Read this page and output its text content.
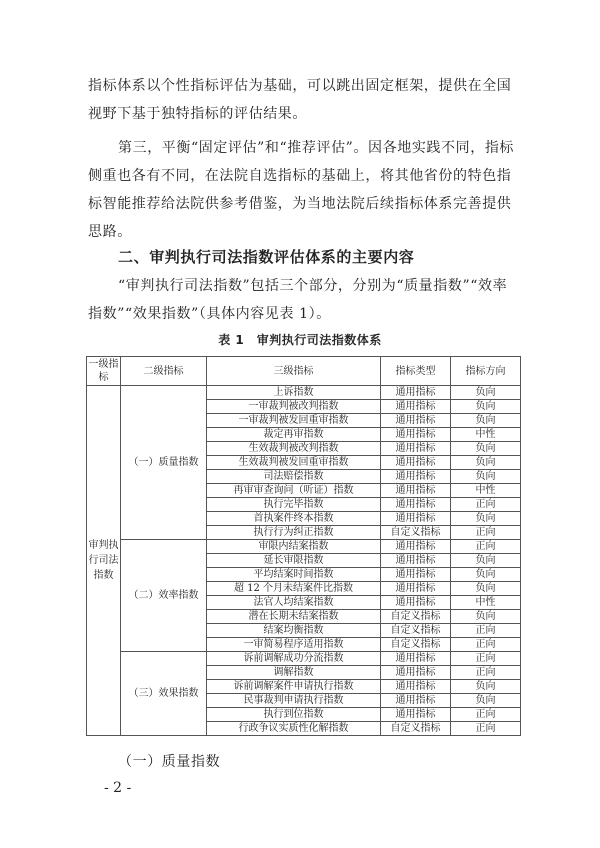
指标体系以个性指标评估为基础，可以跳出固定框架，提供在全国视野下基于独特指标的评估结果。

第三，平衡“固定评估”和“推荐评估”。因各地实践不同，指标侧重也各有不同，在法院自选指标的基础上，将其他省份的特色指标智能推荐给法院供参考借鉴，为当地法院后续指标体系完善提供思路。

二、审判执行司法指数评估体系的主要内容

“审判执行司法指数”包括三个部分，分别为“质量指数”“效率指数”“效果指数”（具体内容见表 1）。

表 1　审判执行司法指数体系
一级指标	二级指标	三级指标	指标类型	指标方向
审判执行司法指数	（一）质量指数	上诉指数	通用指标	负向
		一审裁判被改判指数	通用指标	负向
		一审裁判被发回重审指数	通用指标	负向
		裁定再审指数	通用指标	中性
		生效裁判被改判指数	通用指标	负向
		生效裁判被发回重审指数	通用指标	负向
		司法赔偿指数	通用指标	负向
		再审审查询问（听证）指数	通用指标	中性
		执行完毕指数	通用指标	正向
		首执案件终本指数	通用指标	负向
		执行行为纠正指数	自定义指标	正向
	（二）效率指数	审限内结案指数	通用指标	正向
		延长审限指数	通用指标	负向
		平均结案时间指数	通用指标	负向
		超 12 个月未结案件比指数	通用指标	负向
		法官人均结案指数	通用指标	中性
		潜在长期未结案指数	自定义指标	负向
		结案均衡指数	自定义指标	正向
		一审简易程序适用指数	自定义指标	正向
	（三）效果指数	诉前调解成功分流指数	通用指标	正向
		调解指数	通用指标	正向
		诉前调解案件申请执行指数	通用指标	负向
		民事裁判申请执行指数	通用指标	负向
		执行到位指数	通用指标	正向
		行政争议实质性化解指数	自定义指标	正向
（一）质量指数
- 2 -
